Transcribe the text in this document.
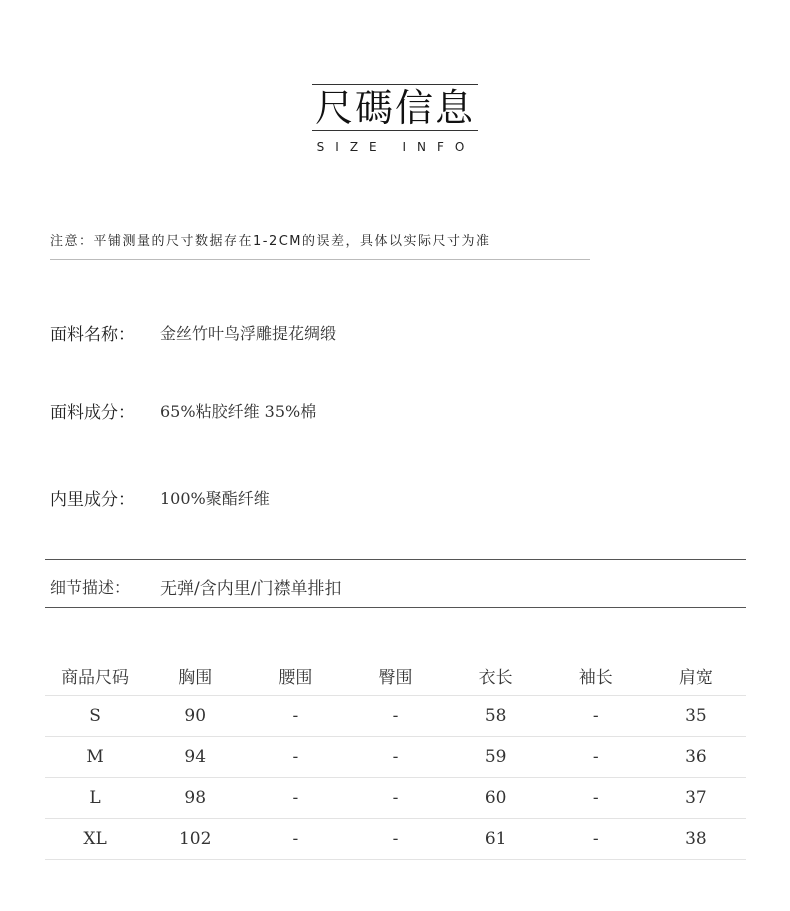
尺碼信息
SIZE INFO
注意：平铺测量的尺寸数据存在1-2CM的误差，具体以实际尺寸为准
面料名称： 金丝竹叶鸟浮雕提花绸缎
面料成分： 65%粘胶纤维 35%棉
内里成分： 100%聚酯纤维
细节描述： 无弹/含内里/门襟单排扣
商品尺码	胸围	腰围	臀围	衣长	袖长	肩宽
S	90	-	-	58	-	35
M	94	-	-	59	-	36
L	98	-	-	60	-	37
XL	102	-	-	61	-	38
